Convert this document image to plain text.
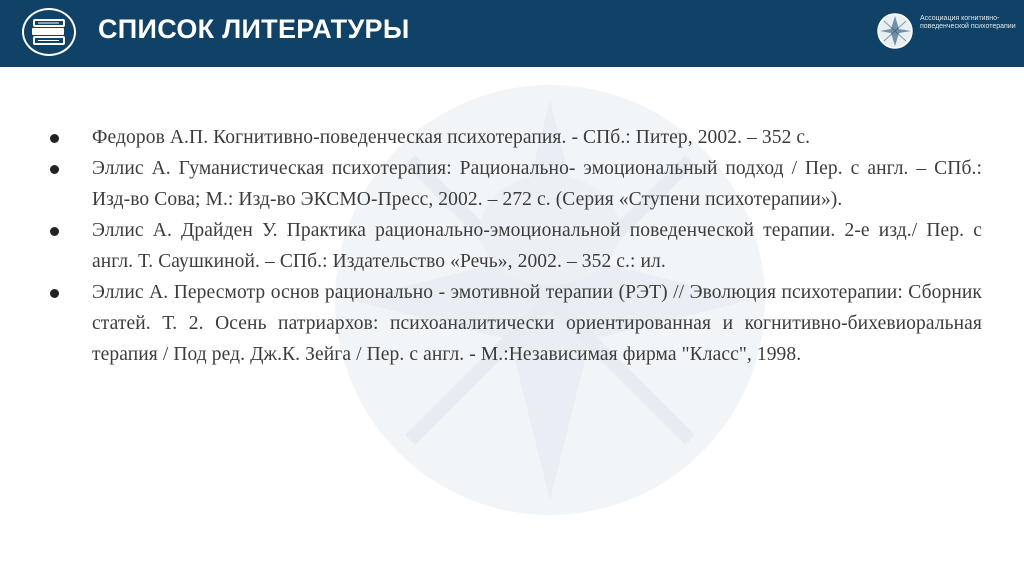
СПИСОК ЛИТЕРАТУРЫ	Ассоциация когнитивно-поведенческой психотерапии
Федоров А.П. Когнитивно-поведенческая психотерапия. - СПб.: Питер, 2002. – 352 с.
Эллис А. Гуманистическая психотерапия: Рационально- эмоциональный подход / Пер. с англ. – СПб.: Изд-во Сова; М.: Изд-во ЭКСМО-Пресс, 2002. – 272 с. (Серия «Ступени психотерапии»).
Эллис А. Драйден У. Практика рационально-эмоциональной поведенческой терапии. 2-е изд./ Пер. с англ. Т. Саушкиной. – СПб.: Издательство «Речь», 2002. – 352 с.: ил.
Эллис А. Пересмотр основ рационально - эмотивной терапии (РЭТ) // Эволюция психотерапии: Сборник статей. Т. 2. Осень патриархов: психоаналитически ориентированная и когнитивно-бихевиоральная терапия / Под ред. Дж.К. Зейга / Пер. с англ. - М.:Независимая фирма "Класс", 1998.
